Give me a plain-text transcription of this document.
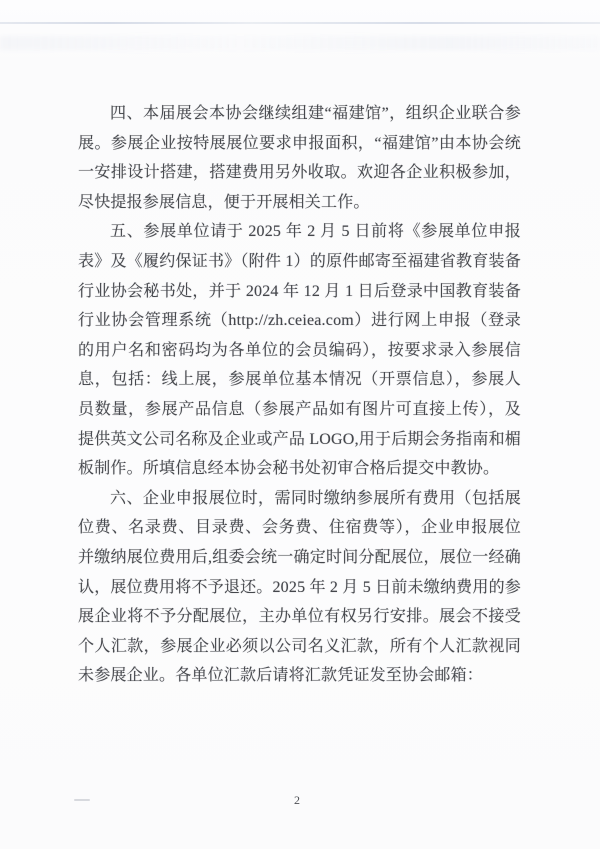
四、本届展会本协会继续组建“福建馆”，组织企业联合参展。参展企业按特展展位要求申报面积，“福建馆”由本协会统一安排设计搭建，搭建费用另外收取。欢迎各企业积极参加，尽快提报参展信息，便于开展相关工作。

五、参展单位请于 2025 年 2 月 5 日前将《参展单位申报表》及《履约保证书》（附件 1）的原件邮寄至福建省教育装备行业协会秘书处，并于 2024 年 12 月 1 日后登录中国教育装备行业协会管理系统（http://zh.ceiea.com）进行网上申报（登录的用户名和密码均为各单位的会员编码），按要求录入参展信息，包括：线上展，参展单位基本情况（开票信息），参展人员数量，参展产品信息（参展产品如有图片可直接上传），及提供英文公司名称及企业或产品 LOGO,用于后期会务指南和楣板制作。所填信息经本协会秘书处初审合格后提交中教协。

六、企业申报展位时，需同时缴纳参展所有费用（包括展位费、名录费、目录费、会务费、住宿费等），企业申报展位并缴纳展位费用后,组委会统一确定时间分配展位，展位一经确认，展位费用将不予退还。2025 年 2 月 5 日前未缴纳费用的参展企业将不予分配展位，主办单位有权另行安排。展会不接受个人汇款，参展企业必须以公司名义汇款，所有个人汇款视同未参展企业。各单位汇款后请将汇款凭证发至协会邮箱：

2
